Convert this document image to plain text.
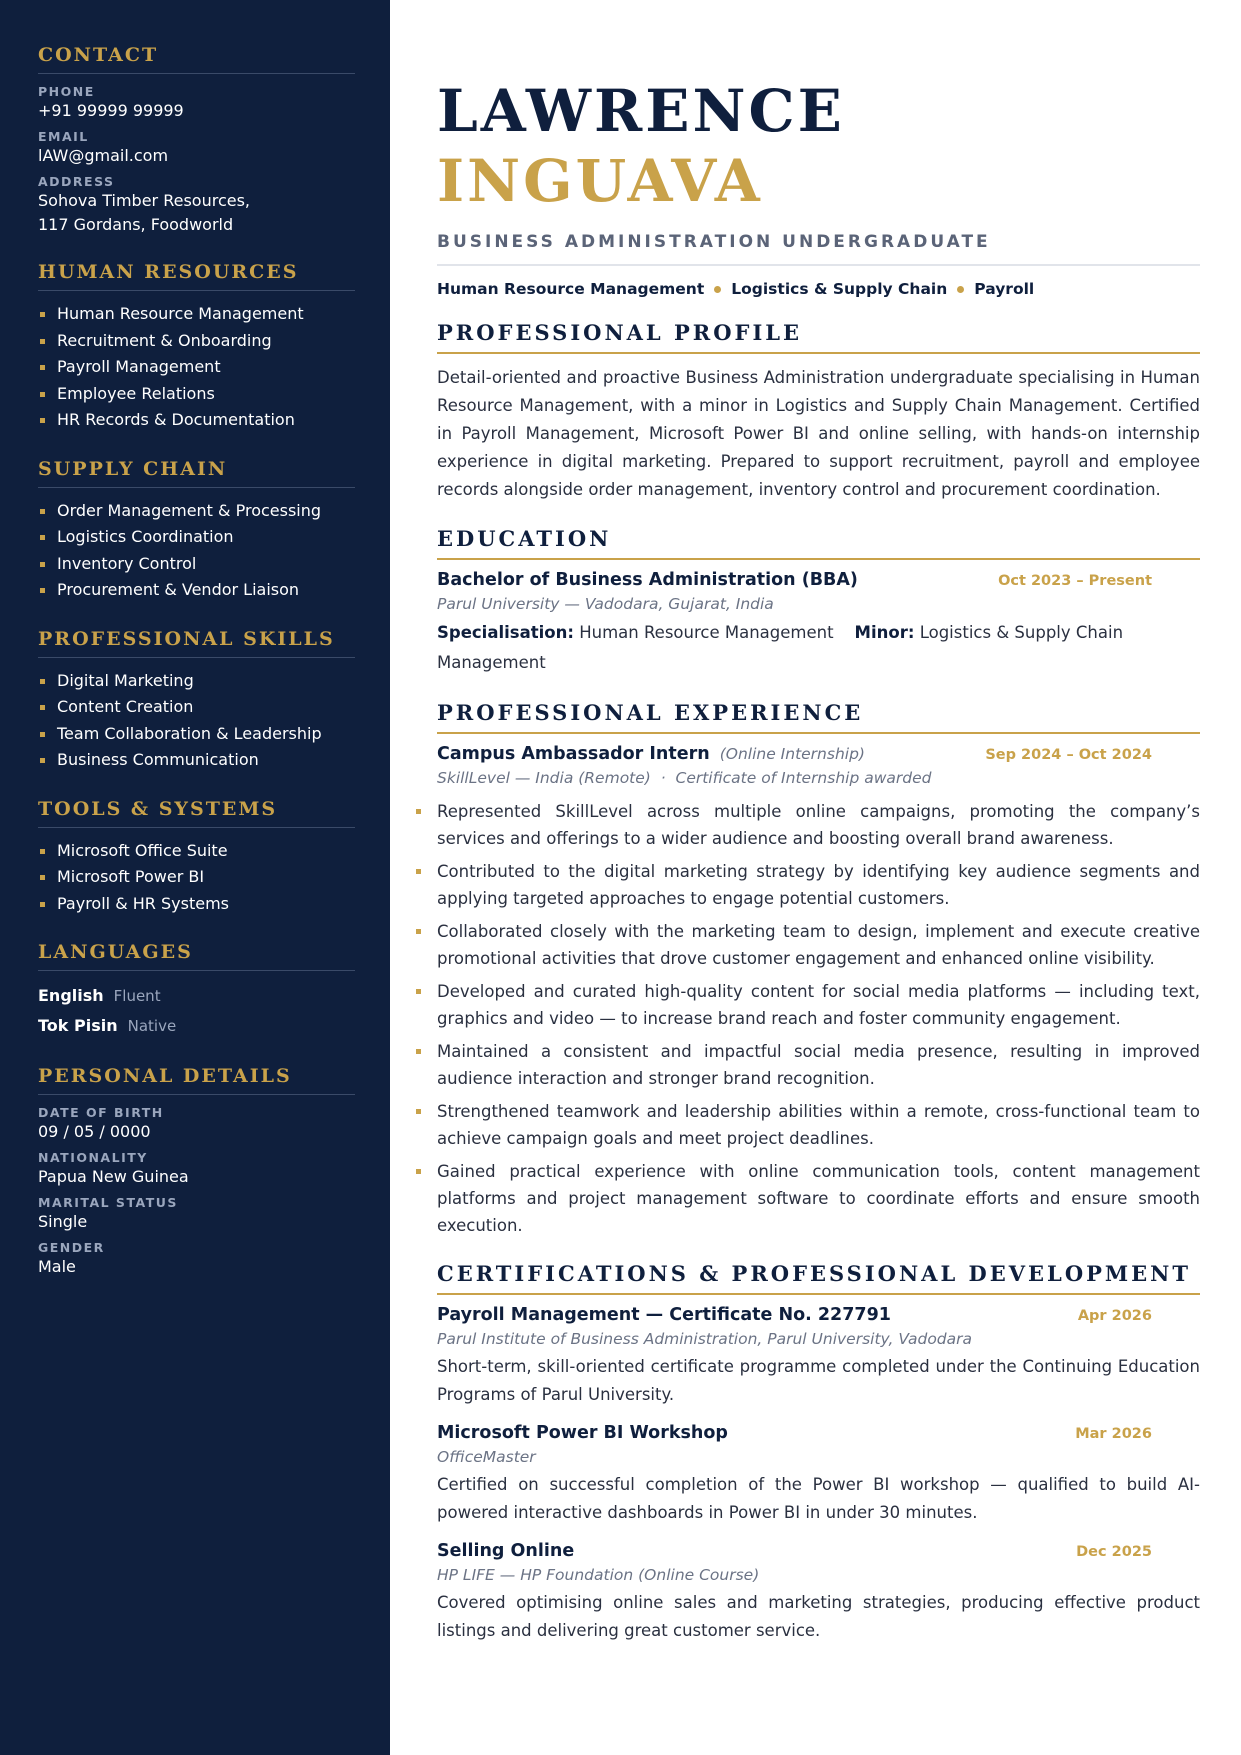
CONTACT
PHONE
+91 99999 99999
EMAIL
lAW@gmail.com
ADDRESS
Sohova Timber Resources,
117 Gordans, Foodworld
HUMAN RESOURCES
Human Resource Management
Recruitment & Onboarding
Payroll Management
Employee Relations
HR Records & Documentation
SUPPLY CHAIN
Order Management & Processing
Logistics Coordination
Inventory Control
Procurement & Vendor Liaison
PROFESSIONAL SKILLS
Digital Marketing
Content Creation
Team Collaboration & Leadership
Business Communication
TOOLS & SYSTEMS
Microsoft Office Suite
Microsoft Power BI
Payroll & HR Systems
LANGUAGES
English Fluent
Tok Pisin Native
PERSONAL DETAILS
DATE OF BIRTH
09 / 05 / 0000
NATIONALITY
Papua New Guinea
MARITAL STATUS
Single
GENDER
Male
LAWRENCE
INGUAVA
BUSINESS ADMINISTRATION UNDERGRADUATE
Human Resource Management Logistics & Supply Chain Payroll
PROFESSIONAL PROFILE
Detail-oriented and proactive Business Administration undergraduate specialising in Human Resource Management, with a minor in Logistics and Supply Chain Management. Certified in Payroll Management, Microsoft Power BI and online selling, with hands-on internship experience in digital marketing. Prepared to support recruitment, payroll and employee records alongside order management, inventory control and procurement coordination.
EDUCATION
Bachelor of Business Administration (BBA)	Oct 2023 – Present
Parul University — Vadodara, Gujarat, India
Specialisation: Human Resource Management Minor: Logistics & Supply Chain Management
PROFESSIONAL EXPERIENCE
Campus Ambassador Intern (Online Internship)	Sep 2024 – Oct 2024
SkillLevel — India (Remote) · Certificate of Internship awarded
Represented SkillLevel across multiple online campaigns, promoting the company’s services and offerings to a wider audience and boosting overall brand awareness.
Contributed to the digital marketing strategy by identifying key audience segments and applying targeted approaches to engage potential customers.
Collaborated closely with the marketing team to design, implement and execute creative promotional activities that drove customer engagement and enhanced online visibility.
Developed and curated high-quality content for social media platforms — including text, graphics and video — to increase brand reach and foster community engagement.
Maintained a consistent and impactful social media presence, resulting in improved audience interaction and stronger brand recognition.
Strengthened teamwork and leadership abilities within a remote, cross-functional team to achieve campaign goals and meet project deadlines.
Gained practical experience with online communication tools, content management platforms and project management software to coordinate efforts and ensure smooth execution.
CERTIFICATIONS & PROFESSIONAL DEVELOPMENT
Payroll Management — Certificate No. 227791	Apr 2026
Parul Institute of Business Administration, Parul University, Vadodara
Short-term, skill-oriented certificate programme completed under the Continuing Education Programs of Parul University.
Microsoft Power BI Workshop	Mar 2026
OfficeMaster
Certified on successful completion of the Power BI workshop — qualified to build AI-powered interactive dashboards in Power BI in under 30 minutes.
Selling Online	Dec 2025
HP LIFE — HP Foundation (Online Course)
Covered optimising online sales and marketing strategies, producing effective product listings and delivering great customer service.
